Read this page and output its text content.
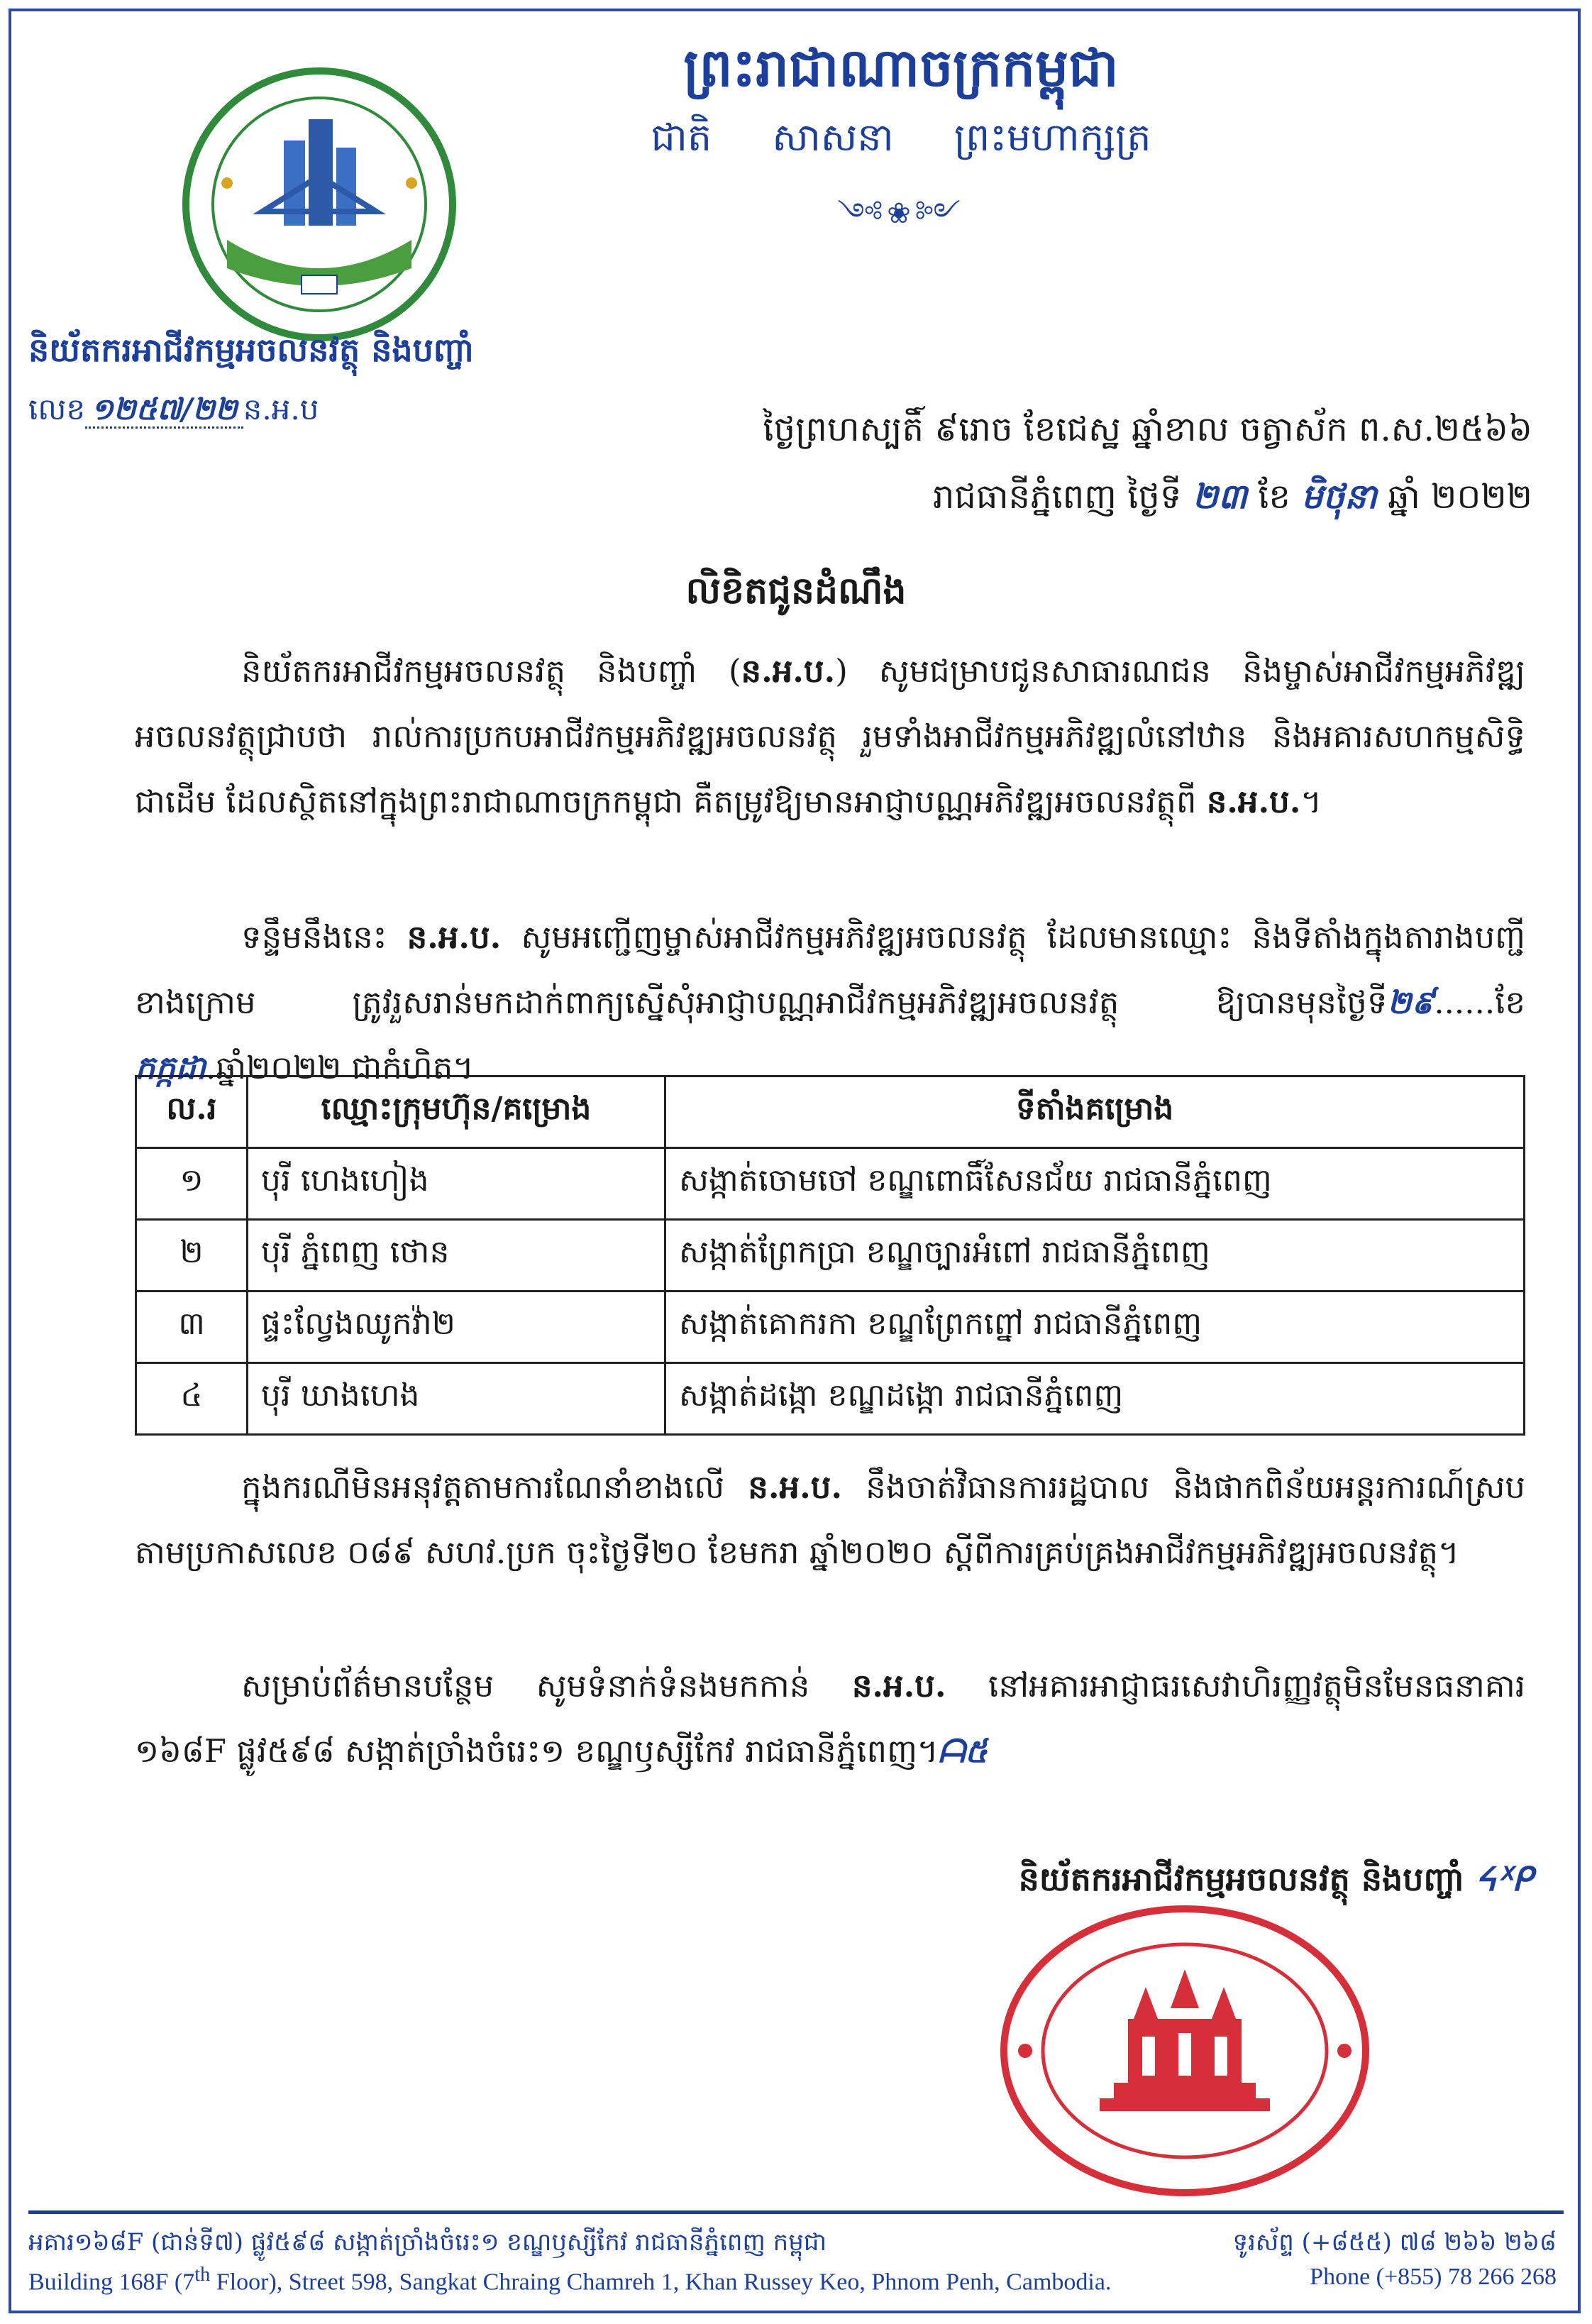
ព្រះរាជាណាចក្រកម្ពុជា
ជាតិ សាសនា ព្រះមហាក្សត្រ
༺❀༻
និយ័តករអាជីវកម្មអចលនវត្ថុ និងបញ្ចាំ
លេខ ១២៥៧/២២ ន.អ.ប
ថ្ងៃព្រហស្បតិ៍ ៩រោច ខែជេស្ឋ ឆ្នាំខាល ចត្វាស័ក ព.ស.២៥៦៦
រាជធានីភ្នំពេញ ថ្ងៃទី ២៣ ខែ មិថុនា ឆ្នាំ ២០២២
លិខិតជូនដំណឹង
និយ័តករអាជីវកម្មអចលនវត្ថុ និងបញ្ចាំ (ន.អ.ប.) សូមជម្រាបជូនសាធារណជន និងម្ចាស់អាជីវកម្មអភិវឌ្ឍអចលនវត្ថុជ្រាបថា រាល់ការប្រកបអាជីវកម្មអភិវឌ្ឍអចលនវត្ថុ រួមទាំងអាជីវកម្មអភិវឌ្ឍលំនៅឋាន និងអគារសហកម្មសិទ្ធិជាដើម ដែលស្ថិតនៅក្នុងព្រះរាជាណាចក្រកម្ពុជា គឺតម្រូវឱ្យមានអាជ្ញាបណ្ណអភិវឌ្ឍអចលនវត្ថុពី ន.អ.ប.។
ទន្ទឹមនឹងនេះ ន.អ.ប. សូមអញ្ជើញម្ចាស់អាជីវកម្មអភិវឌ្ឍអចលនវត្ថុ ដែលមានឈ្មោះ និងទីតាំងក្នុងតារាងបញ្ជីខាងក្រោម ត្រូវរួសរាន់មកដាក់ពាក្យស្នើសុំអាជ្ញាបណ្ណអាជីវកម្មអភិវឌ្ឍអចលនវត្ថុ ឱ្យបានមុនថ្ងៃទី២៩......ខែកក្កដា.ឆ្នាំ២០២២ ជាកំហិត។
ល.រ	ឈ្មោះក្រុមហ៊ុន/គម្រោង	ទីតាំងគម្រោង
១	បុរី ហេងហៀង	សង្កាត់ចោមចៅ ខណ្ឌពោធិ៍សែនជ័យ រាជធានីភ្នំពេញ
២	បុរី ភ្នំពេញ ថោន	សង្កាត់ព្រែកប្រា ខណ្ឌច្បារអំពៅ រាជធានីភ្នំពេញ
៣	ផ្ទះល្វែងឈូកវ៉ា២	សង្កាត់គោករកា ខណ្ឌព្រែកព្នៅ រាជធានីភ្នំពេញ
៤	បុរី ឃាងហេង	សង្កាត់ដង្កោ ខណ្ឌដង្កោ រាជធានីភ្នំពេញ
ក្នុងករណីមិនអនុវត្តតាមការណែនាំខាងលើ ន.អ.ប. នឹងចាត់វិធានការរដ្ឋបាល និងផាកពិន័យអន្តរការណ៍ស្របតាមប្រកាសលេខ ០៨៩ សហវ.ប្រក ចុះថ្ងៃទី២០ ខែមករា ឆ្នាំ២០២០ ស្តីពីការគ្រប់គ្រងអាជីវកម្មអភិវឌ្ឍអចលនវត្ថុ។
សម្រាប់ព័ត៌មានបន្ថែម សូមទំនាក់ទំនងមកកាន់ ន.អ.ប. នៅអគារអាជ្ញាធរសេវាហិរញ្ញវត្ថុមិនមែនធនាគារ ១៦៨F ផ្លូវ៥៩៨ សង្កាត់ច្រាំងចំរេះ១ ខណ្ឌឫស្សីកែវ រាជធានីភ្នំពេញ។ᗩ៥
និយ័តករអាជីវកម្មអចលនវត្ថុ និងបញ្ចាំ ᔦᕽᑭ
អគារ១៦៨F (ជាន់ទី៧) ផ្លូវ៥៩៨ សង្កាត់ច្រាំងចំរេះ១ ខណ្ឌឫស្សីកែវ រាជធានីភ្នំពេញ កម្ពុជា
Building 168F (7th Floor), Street 598, Sangkat Chraing Chamreh 1, Khan Russey Keo, Phnom Penh, Cambodia.
ទូរស័ព្ទ (+៨៥៥) ៧៨ ២៦៦ ២៦៨
Phone (+855) 78 266 268
